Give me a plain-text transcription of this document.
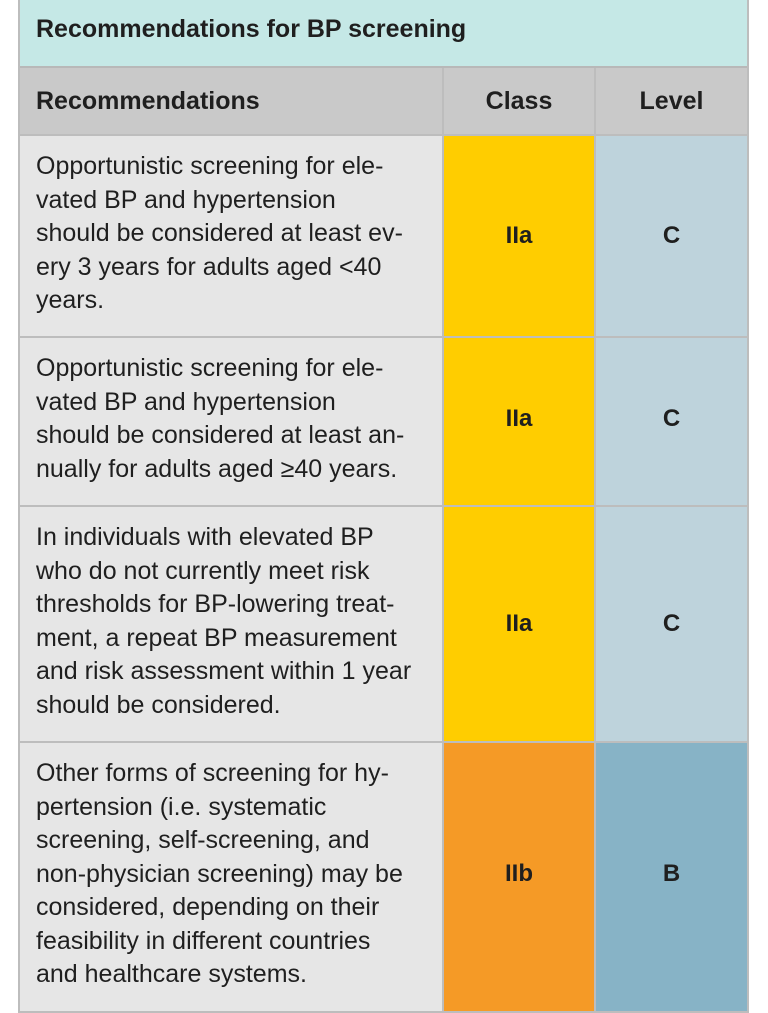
Recommendations for BP screening
Recommendations	Class	Level
Opportunistic screening for ele-
vated BP and hypertension
should be considered at least ev-
ery 3 years for adults aged <40
years.
IIa	C
Opportunistic screening for ele-
vated BP and hypertension
should be considered at least an-
nually for adults aged ≥40 years.
IIa	C
In individuals with elevated BP
who do not currently meet risk
thresholds for BP-lowering treat-
ment, a repeat BP measurement
and risk assessment within 1 year
should be considered.
IIa	C
Other forms of screening for hy-
pertension (i.e. systematic
screening, self-screening, and
non-physician screening) may be
considered, depending on their
feasibility in different countries
and healthcare systems.
IIb	B
